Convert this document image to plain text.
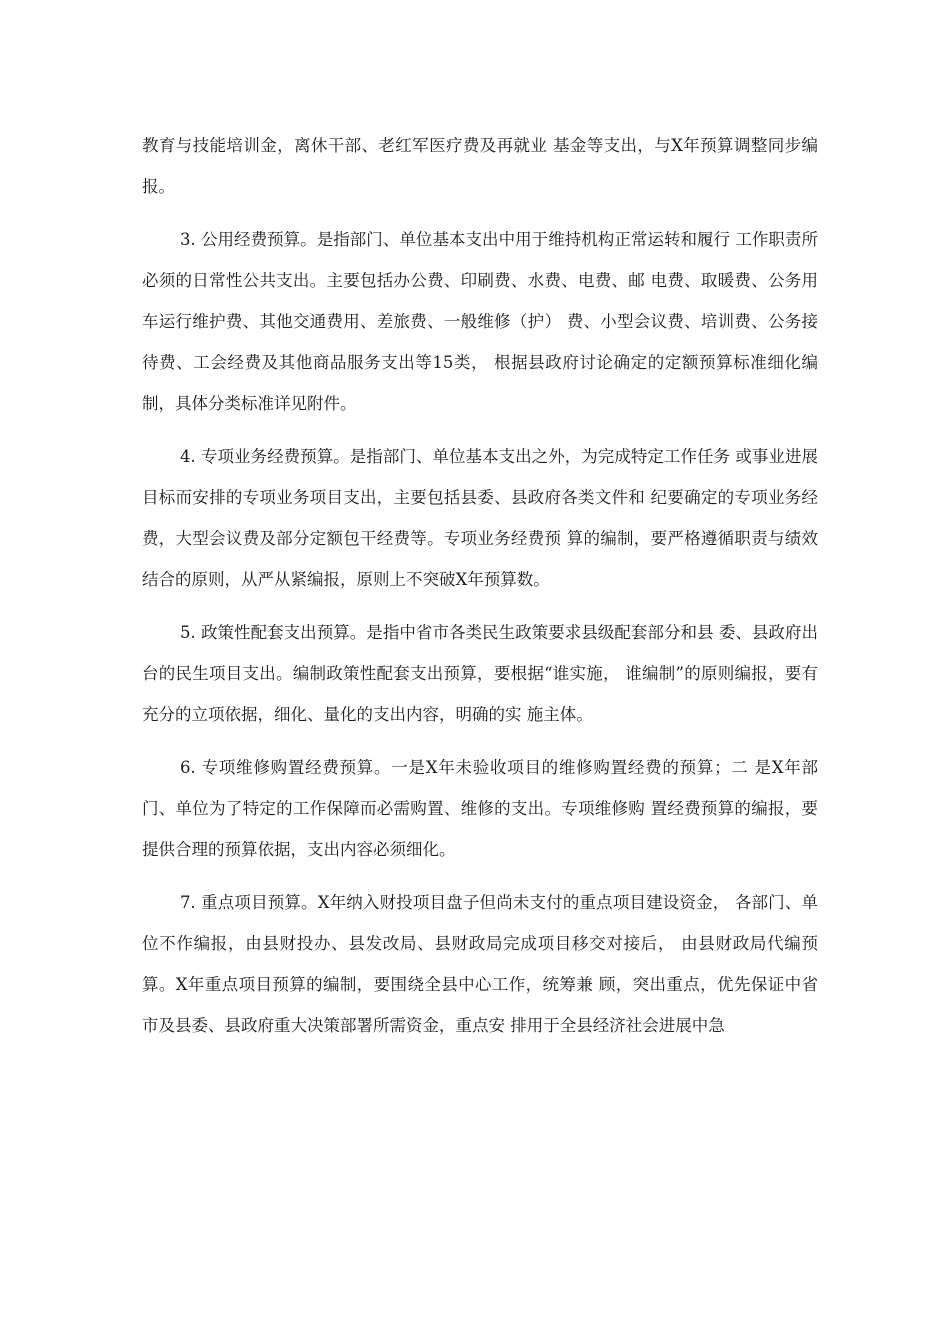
教育与技能培训金，离休干部、老红军医疗费及再就业 基金等支出，与X年预算调整同步编报。

3. 公用经费预算。是指部门、单位基本支出中用于维持机构正常运转和履行 工作职责所必须的日常性公共支出。主要包括办公费、印刷费、水费、电费、邮 电费、取暖费、公务用车运行维护费、其他交通费用、差旅费、一般维修（护） 费、小型会议费、培训费、公务接待费、工会经费及其他商品服务支出等15类， 根据县政府讨论确定的定额预算标准细化编制，具体分类标准详见附件。

4. 专项业务经费预算。是指部门、单位基本支出之外，为完成特定工作任务 或事业进展目标而安排的专项业务项目支出，主要包括县委、县政府各类文件和 纪要确定的专项业务经费，大型会议费及部分定额包干经费等。专项业务经费预 算的编制，要严格遵循职责与绩效结合的原则，从严从紧编报，原则上不突破X年预算数。

5. 政策性配套支出预算。是指中省市各类民生政策要求县级配套部分和县 委、县政府出台的民生项目支出。编制政策性配套支出预算，要根据“谁实施， 谁编制”的原则编报，要有充分的立项依据，细化、量化的支出内容，明确的实 施主体。

6. 专项维修购置经费预算。一是X年未验收项目的维修购置经费的预算；二 是X年部门、单位为了特定的工作保障而必需购置、维修的支出。专项维修购 置经费预算的编报，要提供合理的预算依据，支出内容必须细化。

7. 重点项目预算。X年纳入财投项目盘子但尚未支付的重点项目建设资金， 各部门、单位不作编报，由县财投办、县发改局、县财政局完成项目移交对接后， 由县财政局代编预算。X年重点项目预算的编制，要围绕全县中心工作，统筹兼 顾，突出重点，优先保证中省市及县委、县政府重大决策部署所需资金，重点安 排用于全县经济社会进展中急
